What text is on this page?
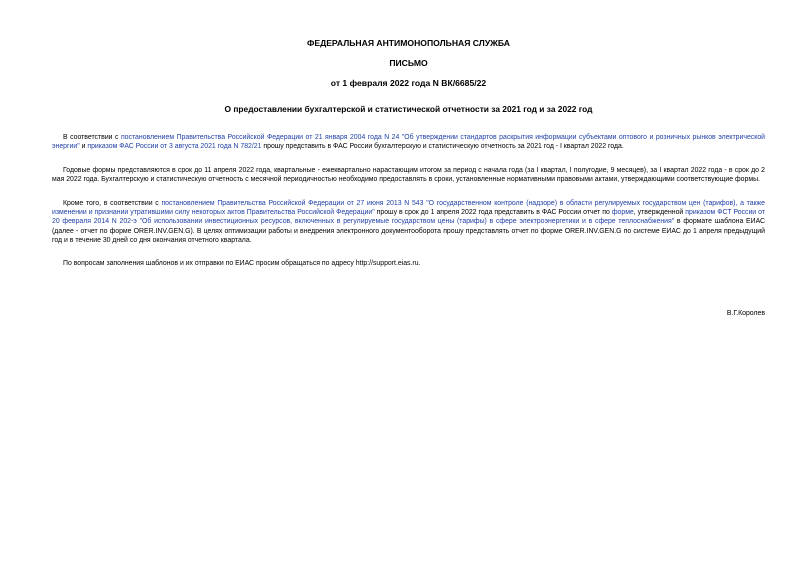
ФЕДЕРАЛЬНАЯ АНТИМОНОПОЛЬНАЯ СЛУЖБА

ПИСЬМО

от 1 февраля 2022 года N ВК/6685/22

О предоставлении бухгалтерской и статистической отчетности за 2021 год и за 2022 год

В соответствии с постановлением Правительства Российской Федерации от 21 января 2004 года N 24 "Об утверждении стандартов раскрытия информации субъектами оптового и розничных рынков электрической энергии" и приказом ФАС России от 3 августа 2021 года N 782/21 прошу представить в ФАС России бухгалтерскую и статистическую отчетность за 2021 год - I квартал 2022 года.

Годовые формы представляются в срок до 11 апреля 2022 года, квартальные - ежеквартально нарастающим итогом за период с начала года (за I квартал, I полугодие, 9 месяцев), за I квартал 2022 года - в срок до 2 мая 2022 года. Бухгалтерскую и статистическую отчетность с месячной периодичностью необходимо предоставлять в сроки, установленные нормативными правовыми актами, утверждающими соответствующие формы.

Кроме того, в соответствии с постановлением Правительства Российской Федерации от 27 июня 2013 N 543 "О государственном контроле (надзоре) в области регулируемых государством цен (тарифов), а также изменении и признании утратившими силу некоторых актов Правительства Российской Федерации" прошу в срок до 1 апреля 2022 года представить в ФАС России отчет по форме, утвержденной приказом ФСТ России от 20 февраля 2014 N 202-э "Об использовании инвестиционных ресурсов, включенных в регулируемые государством цены (тарифы) в сфере электроэнергетики и в сфере теплоснабжения" в формате шаблона ЕИАС (далее - отчет по форме ORER.INV.GEN.G). В целях оптимизации работы и внедрения электронного документооборота прошу представлять отчет по форме ORER.INV.GEN.G по системе ЕИАС до 1 апреля предыдущий год и в течение 30 дней со дня окончания отчетного квартала.

По вопросам заполнения шаблонов и их отправки по ЕИАС просим обращаться по адресу http://support.eias.ru.

В.Г.Королев
